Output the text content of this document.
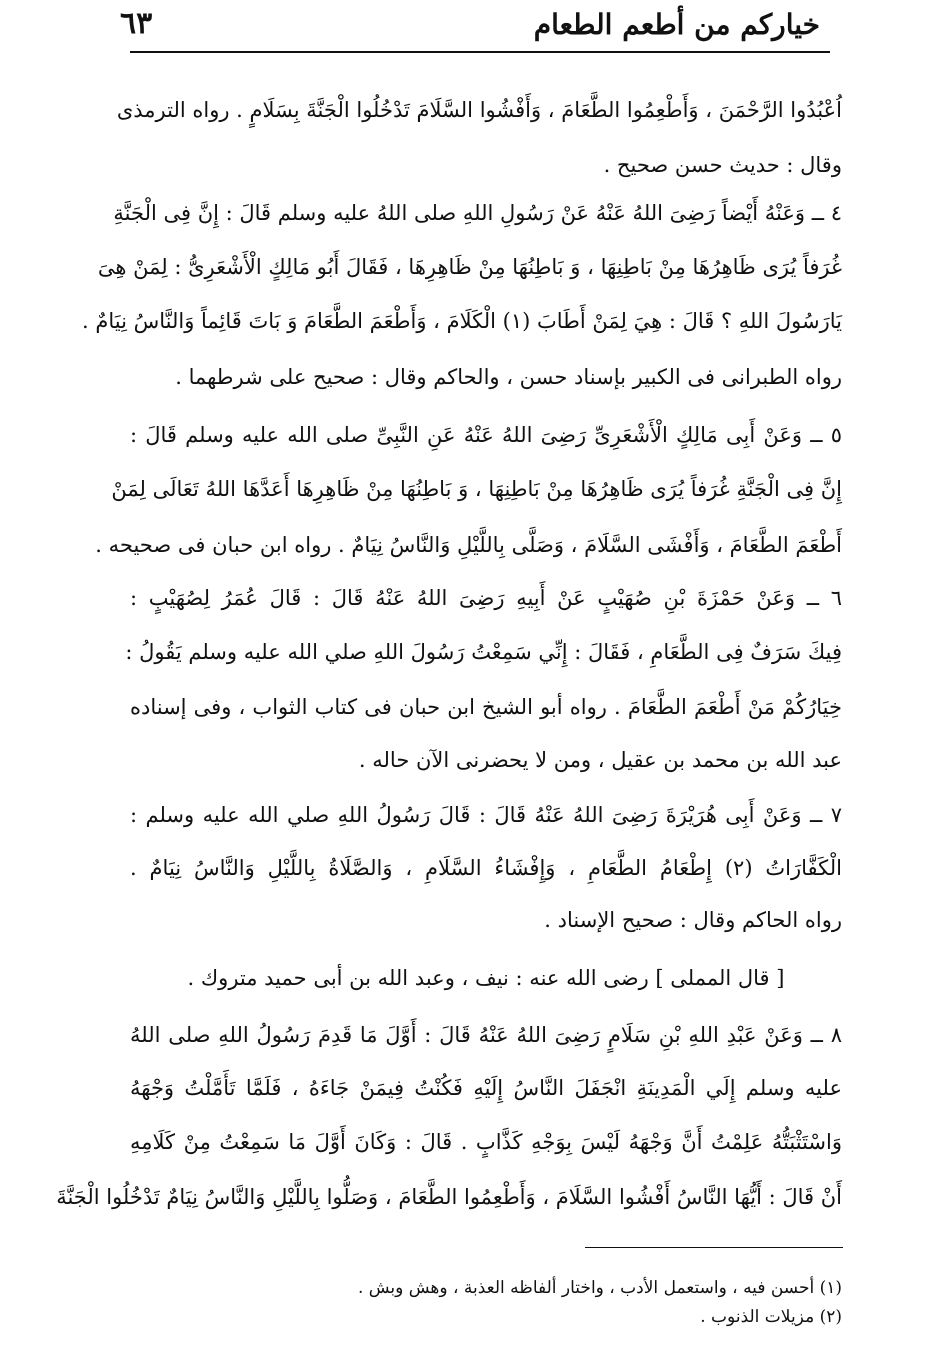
٦٣	خياركم من أطعم الطعام
اُعْبُدُوا الرَّحْمَنَ ، وَأَطْعِمُوا الطَّعَامَ ، وَأَفْشُوا السَّلَامَ تَدْخُلُوا الْجَنَّةَ بِسَلَامٍ . رواه الترمذى
وقال : حديث حسن صحيح .
٤ ــ وَعَنْهُ أَيْضاً رَضِىَ اللهُ عَنْهُ عَنْ رَسُولِ اللهِ صلى اللهُ عليه وسلم قَالَ : إِنَّ فِى الْجَنَّةِ
غُرَفاً يُرَى ظَاهِرُهَا مِنْ بَاطِنِهَا ، وَ بَاطِنُهَا مِنْ ظَاهِرِهَا ، فَقَالَ أَبُو مَالِكٍ الْأَشْعَرِىُّ : لِمَنْ هِىَ
يَارَسُولَ اللهِ ؟ قَالَ : هِيَ لِمَنْ أَطَابَ (١) الْكَلَامَ ، وَأَطْعَمَ الطَّعَامَ وَ بَاتَ قَائِماً وَالنَّاسُ نِيَامٌ .
رواه الطبرانى فى الكبير بإسناد حسن ، والحاكم وقال : صحيح على شرطهما .
٥ ــ وَعَنْ أَبِى مَالِكٍ الْأَشْعَرِىِّ رَضِىَ اللهُ عَنْهُ عَنِ النَّبِىِّ صلى الله عليه وسلم قَالَ :
إِنَّ فِى الْجَنَّةِ غُرَفاً يُرَى ظَاهِرُهَا مِنْ بَاطِنِهَا ، وَ بَاطِنُهَا مِنْ ظَاهِرِهَا أَعَدَّهَا اللهُ تَعَالَى لِمَنْ
أَطْعَمَ الطَّعَامَ ، وَأَفْشَى السَّلَامَ ، وَصَلَّى بِاللَّيْلِ وَالنَّاسُ نِيَامٌ . رواه ابن حبان فى صحيحه .
٦ ــ وَعَنْ حَمْزَةَ بْنِ صُهَيْبٍ عَنْ أَبِيهِ رَضِىَ اللهُ عَنْهُ قَالَ : قَالَ عُمَرُ لِصُهَيْبٍ :
فِيكَ سَرَفٌ فِى الطَّعَامِ ، فَقَالَ : إِنِّي سَمِعْتُ رَسُولَ اللهِ صلي الله عليه وسلم يَقُولُ :
خِيَارُكُمْ مَنْ أَطْعَمَ الطَّعَامَ . رواه أبو الشيخ ابن حبان فى كتاب الثواب ، وفى إسناده
عبد الله بن محمد بن عقيل ، ومن لا يحضرنى الآن حاله .
٧ ــ وَعَنْ أَبِى هُرَيْرَةَ رَضِىَ اللهُ عَنْهُ قَالَ : قَالَ رَسُولُ اللهِ صلي الله عليه وسلم :
الْكَفَّارَاتُ (٢) إِطْعَامُ الطَّعَامِ ، وَإِفْشَاءُ السَّلَامِ ، وَالصَّلَاةُ بِاللَّيْلِ وَالنَّاسُ نِيَامٌ .
رواه الحاكم وقال : صحيح الإسناد .
[ قال المملى ] رضى الله عنه : نيف ، وعبد الله بن أبى حميد متروك .
٨ ــ وَعَنْ عَبْدِ اللهِ بْنِ سَلَامٍ رَضِىَ اللهُ عَنْهُ قَالَ : أَوَّلَ مَا قَدِمَ رَسُولُ اللهِ صلى اللهُ
عليه وسلم إِلَي الْمَدِينَةِ انْجَفَلَ النَّاسُ إِلَيْهِ فَكُنْتُ فِيمَنْ جَاءَهُ ، فَلَمَّا تَأَمَّلْتُ وَجْهَهُ
وَاسْتَثْبَتُّهُ عَلِمْتُ أَنَّ وَجْهَهُ لَيْسَ بِوَجْهِ كَذَّابٍ . قَالَ : وَكَانَ أَوَّلَ مَا سَمِعْتُ مِنْ كَلَامِهِ
أَنْ قَالَ : أَيُّهَا النَّاسُ أَفْشُوا السَّلَامَ ، وَأَطْعِمُوا الطَّعَامَ ، وَصَلُّوا بِاللَّيْلِ وَالنَّاسُ نِيَامٌ تَدْخُلُوا الْجَنَّةَ
(١) أحسن فيه ، واستعمل الأدب ، واختار ألفاظه العذبة ، وهش وبش .
(٢) مزيلات الذنوب .
